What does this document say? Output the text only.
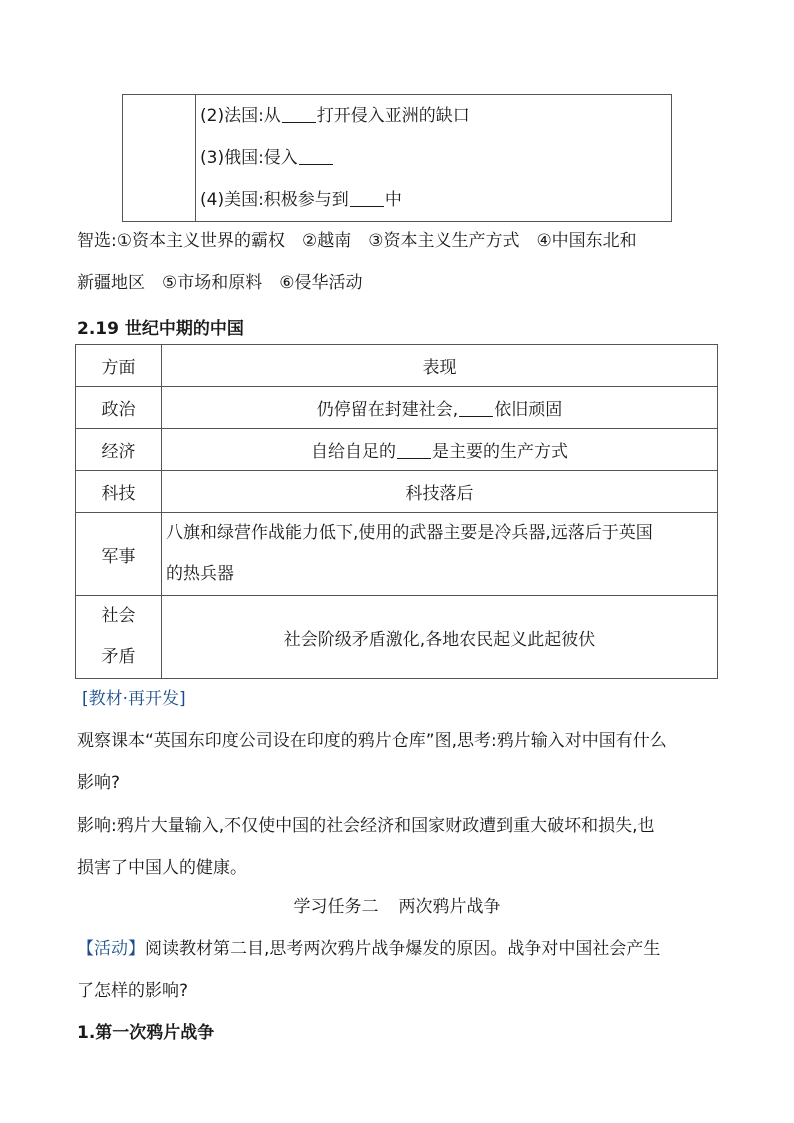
(2)法国:从 打开侵入亚洲的缺口
(3)俄国:侵入
(4)美国:积极参与到 中
智选:①资本主义世界的霸权　②越南　③资本主义生产方式　④中国东北和
新疆地区　⑤市场和原料　⑥侵华活动
2.19 世纪中期的中国
方面	表现
政治	仍停留在封建社会, 依旧顽固
经济	自给自足的 是主要的生产方式
科技	科技落后
军事	八旗和绿营作战能力低下,使用的武器主要是冷兵器,远落后于英国
的热兵器

社会
矛盾	社会阶级矛盾激化,各地农民起义此起彼伏
[教材·再开发]
观察课本“英国东印度公司设在印度的鸦片仓库”图,思考:鸦片输入对中国有什么
影响?
影响:鸦片大量输入,不仅使中国的社会经济和国家财政遭到重大破坏和损失,也
损害了中国人的健康。
学习任务二 两次鸦片战争
【活动】阅读教材第二目,思考两次鸦片战争爆发的原因。战争对中国社会产生
了怎样的影响?
1.第一次鸦片战争
